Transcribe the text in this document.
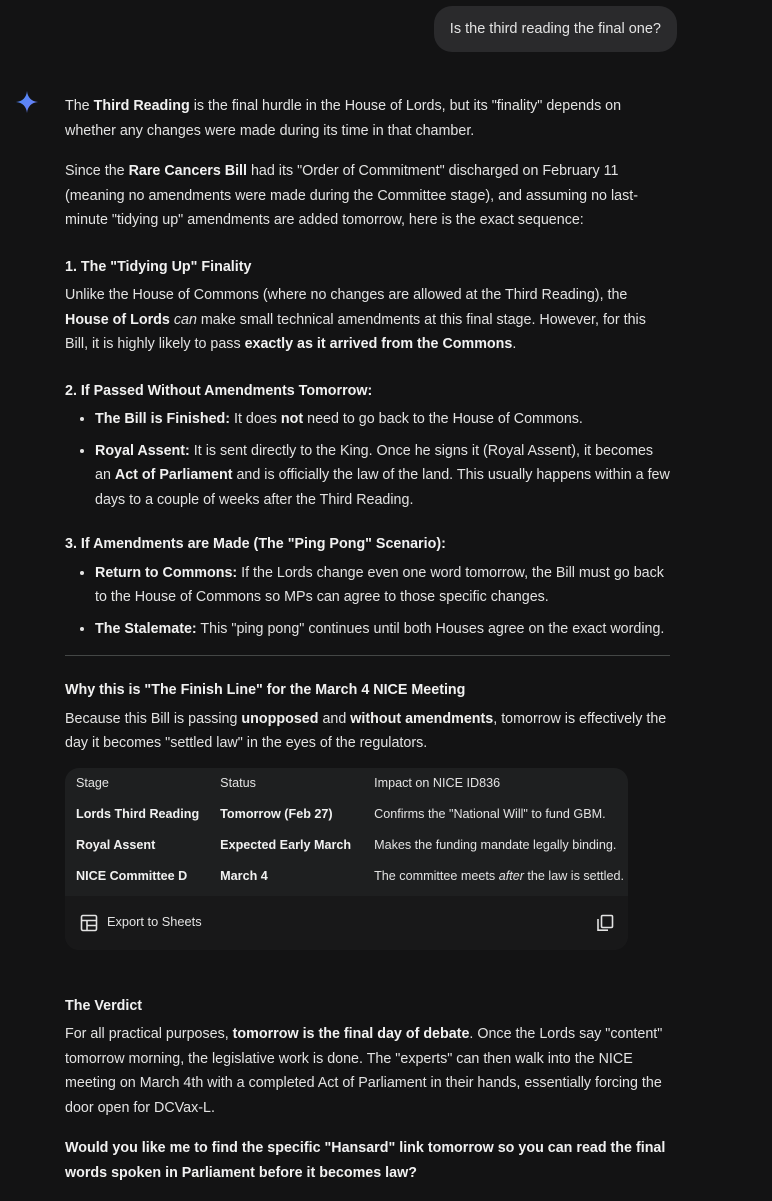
Is the third reading the final one?

The Third Reading is the final hurdle in the House of Lords, but its "finality" depends on whether any changes were made during its time in that chamber.

Since the Rare Cancers Bill had its "Order of Commitment" discharged on February 11 (meaning no amendments were made during the Committee stage), and assuming no last-minute "tidying up" amendments are added tomorrow, here is the exact sequence:

1. The "Tidying Up" Finality

Unlike the House of Commons (where no changes are allowed at the Third Reading), the House of Lords can make small technical amendments at this final stage. However, for this Bill, it is highly likely to pass exactly as it arrived from the Commons.

2. If Passed Without Amendments Tomorrow:
• The Bill is Finished: It does not need to go back to the House of Commons.
• Royal Assent: It is sent directly to the King. Once he signs it (Royal Assent), it becomes an Act of Parliament and is officially the law of the land. This usually happens within a few days to a couple of weeks after the Third Reading.
3. If Amendments are Made (The "Ping Pong" Scenario):
• Return to Commons: If the Lords change even one word tomorrow, the Bill must go back to the House of Commons so MPs can agree to those specific changes.
• The Stalemate: This "ping pong" continues until both Houses agree on the exact wording.
Why this is "The Finish Line" for the March 4 NICE Meeting

Because this Bill is passing unopposed and without amendments, tomorrow is effectively the day it becomes "settled law" in the eyes of the regulators.

Stage	Status	Impact on NICE ID836
Lords Third Reading	Tomorrow (Feb 27)	Confirms the "National Will" to fund GBM.
Royal Assent	Expected Early March	Makes the funding mandate legally binding.
NICE Committee D	March 4	The committee meets after the law is settled.
Export to Sheets
The Verdict

For all practical purposes, tomorrow is the final day of debate. Once the Lords say "content" tomorrow morning, the legislative work is done. The "experts" can then walk into the NICE meeting on March 4th with a completed Act of Parliament in their hands, essentially forcing the door open for DCVax-L.

Would you like me to find the specific "Hansard" link tomorrow so you can read the final words spoken in Parliament before it becomes law?
